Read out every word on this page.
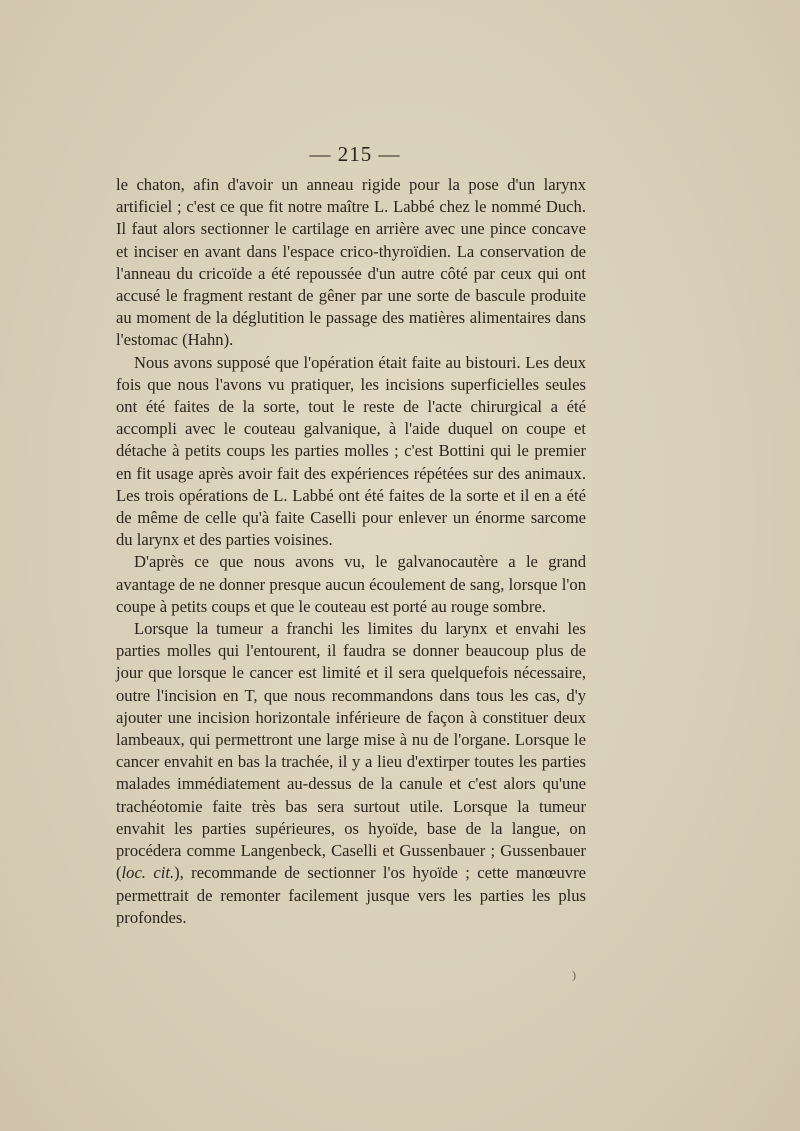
— 215 —

le chaton, afin d'avoir un anneau rigide pour la pose d'un larynx artificiel ; c'est ce que fit notre maître L. Labbé chez le nommé Duch. Il faut alors sectionner le cartilage en arrière avec une pince concave et inciser en avant dans l'espace crico-thyroïdien. La conservation de l'anneau du cricoïde a été repoussée d'un autre côté par ceux qui ont accusé le fragment restant de gêner par une sorte de bascule produite au moment de la déglutition le passage des matières alimentaires dans l'estomac (Hahn).

Nous avons supposé que l'opération était faite au bistouri. Les deux fois que nous l'avons vu pratiquer, les incisions superficielles seules ont été faites de la sorte, tout le reste de l'acte chirurgical a été accompli avec le couteau galvanique, à l'aide duquel on coupe et détache à petits coups les parties molles ; c'est Bottini qui le premier en fit usage après avoir fait des expériences répétées sur des animaux. Les trois opérations de L. Labbé ont été faites de la sorte et il en a été de même de celle qu'à faite Caselli pour enlever un énorme sarcome du larynx et des parties voisines.

D'après ce que nous avons vu, le galvanocautère a le grand avantage de ne donner presque aucun écoulement de sang, lorsque l'on coupe à petits coups et que le couteau est porté au rouge sombre.

Lorsque la tumeur a franchi les limites du larynx et envahi les parties molles qui l'entourent, il faudra se donner beaucoup plus de jour que lorsque le cancer est limité et il sera quelquefois nécessaire, outre l'incision en T, que nous recommandons dans tous les cas, d'y ajouter une incision horizontale inférieure de façon à constituer deux lambeaux, qui permettront une large mise à nu de l'organe. Lorsque le cancer envahit en bas la trachée, il y a lieu d'extirper toutes les parties malades immédiatement au-dessus de la canule et c'est alors qu'une trachéotomie faite très bas sera surtout utile. Lorsque la tumeur envahit les parties supérieures, os hyoïde, base de la langue, on procédera comme Langenbeck, Caselli et Gussenbauer ; Gussenbauer (loc. cit.), recommande de sectionner l'os hyoïde ; cette manœuvre permettrait de remonter facilement jusque vers les parties les plus profondes.

)
